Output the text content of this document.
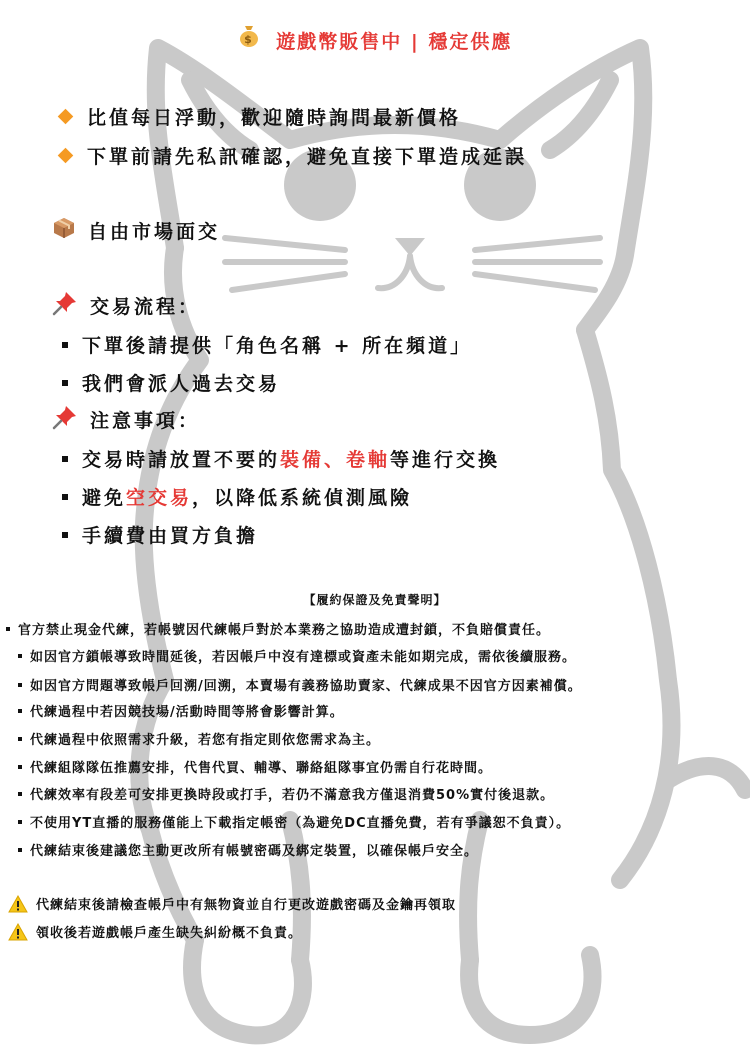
$ 遊戲幣販售中 | 穩定供應
比值每日浮動，歡迎隨時詢問最新價格
下單前請先私訊確認，避免直接下單造成延誤
自由市場面交
交易流程：
下單後請提供「角色名稱 + 所在頻道」
我們會派人過去交易
注意事項：
交易時請放置不要的 裝備、卷軸 等進行交換
避免 空交易 ，以降低系統偵測風險
手續費由買方負擔
【履約保證及免責聲明】
官方禁止現金代練，若帳號因代練帳戶對於本業務之協助造成遭封鎖，不負賠償責任。
如因官方鎖帳導致時間延後，若因帳戶中沒有達標或資產未能如期完成，需依後續服務。
如因官方問題導致帳戶回溯/回溯，本賣場有義務協助賣家、代練成果不因官方因素補償。
代練過程中若因競技場/活動時間等將會影響計算。
代練過程中依照需求升級，若您有指定則依您需求為主。
代練組隊隊伍推薦安排，代售代買、輔導、聯絡組隊事宜仍需自行花時間。
代練效率有段差可安排更換時段或打手，若仍不滿意我方僅退消費50%實付後退款。
不使用YT直播的服務僅能上下載指定帳密（為避免DC直播免費，若有爭議恕不負責）。
代練結束後建議您主動更改所有帳號密碼及綁定裝置，以確保帳戶安全。
代練結束後請檢查帳戶中有無物資並自行更改遊戲密碼及金鑰再領取
領收後若遊戲帳戶產生缺失糾紛概不負責。
